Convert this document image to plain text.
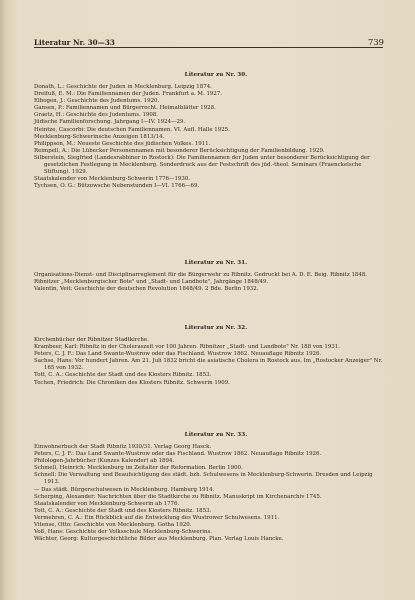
Literatur Nr. 30—33	739
Literatur zu Nr. 30.
Donath, L.: Geschichte der Juden in Mecklenburg. Leipzig 1874.
Dreifuß, E. M.: Die Familiennamen der Juden. Frankfurt a. M. 1927.
Elbogen, J.: Geschichte des Judentums. 1920.
Gansen, P.: Familiennamen und Bürgerrecht. Heimatblätter 1928.
Graetz, H.: Geschichte des Judentums. 1908.
Jüdische Familienforschung. Jahrgang I—IV. 1924—29.
Heintze, Cascorbi: Die deutschen Familiennamen. VI. Aufl. Halle 1925.
Mecklenburg-Schwerinsche Anzeigen 1813/14.
Philippson, M.: Neueste Geschichte des jüdischen Volkes. 1911.
Reimpell, A.: Die Lübecker Personennamen mit besonderer Berücksichtigung der Familienbildung. 1929.
Silberstein, Siegfried (Landesrabbiner in Rostock): Die Familiennamen der Juden unter besonderer Berücksichtigung der gesetzlichen Festlegung in Mecklenburg. Sonderdruck aus der Festschrift des jüd.-theol. Seminars (Fraenckelsche Stiftung). 1929.
Staatskalender von Mecklenburg-Schwerin 1776—1930.
Tychsen, O. G.: Bützowsche Nebenstunden I—VI. 1766—69.
Literatur zu Nr. 31.
Organisations-Dienst- und Disciplinarreglement für die Bürgerwehr zu Ribnitz. Gedruckt bei A. D. E. Beig. Ribnitz 1848.
Ribnitzer „Mecklenburgischer Bote" und „Stadt- und Landbote", Jahrgänge 1848/49.
Valentin, Veit: Geschichte der deutschen Revolution 1848/49. 2 Bde. Berlin 1932.
Literatur zu Nr. 32.
Kirchenbücher der Ribnitzer Stadtkirche.
Krambeer, Karl: Ribnitz in der Choleraszeit vor 100 Jahren. Ribnitzer „Stadt- und Landbote" Nr. 188 von 1931.
Peters, C. J. F.: Das Land Swante-Wustrow oder das Fischland. Wustrow 1862. Neuauflage Ribnitz 1926.
Sachse, Hans: Vor hundert Jahren. Am 21. Juli 1832 bricht die asiatische Cholera in Rostock aus. Im „Rostocker Anzeiger" Nr. 165 von 1932.
Tott, C. A.: Geschichte der Stadt und des Klosters Ribnitz. 1853.
Techen, Friedrich: Die Chroniken des Klosters Ribnitz. Schwerin 1909.
Literatur zu Nr. 33.
Einwohnerbuch der Stadt Ribnitz 1930/31. Verlag Georg Hasck.
Peters, C. J. F.: Das Land Swante-Wustrow oder das Fischland. Wustrow 1862. Neuauflage Ribnitz 1926.
Philologen-Jahrbücher (Kunzes Kalender) ab 1894.
Schmell, Heinrich: Mecklenburg im Zeitalter der Reformation. Berlin 1900.
Schnell: Die Verwaltung und Beaufsichtigung des städt. bzh. Schulwesens in Mecklenburg-Schwerin. Dresden und Leipzig 1913.
— Das städt. Bürgerschulwesen in Mecklenburg. Hamburg 1914.
Scherping, Alexander: Nachrichten über die Stadtkirche zu Ribnitz. Manuskript im Kirchenarchiv 1745.
Staatskalender von Mecklenburg-Schwerin ab 1776.
Tott, C. A.: Geschichte der Stadt und des Klosters Ribnitz. 1853.
Vermehren, C. A.: Ein Rückblick auf die Entwicklung des Wustrower Schulwesens. 1911.
Vitense, Otto: Geschichte von Mecklenburg. Gotha 1920.
Voß, Hans: Geschichte der Volksschule Mecklenburg-Schwerins.
Wächter, Georg: Kulturgeschichtliche Bilder aus Mecklenburg. Plan. Verlag Louis Hancke.
